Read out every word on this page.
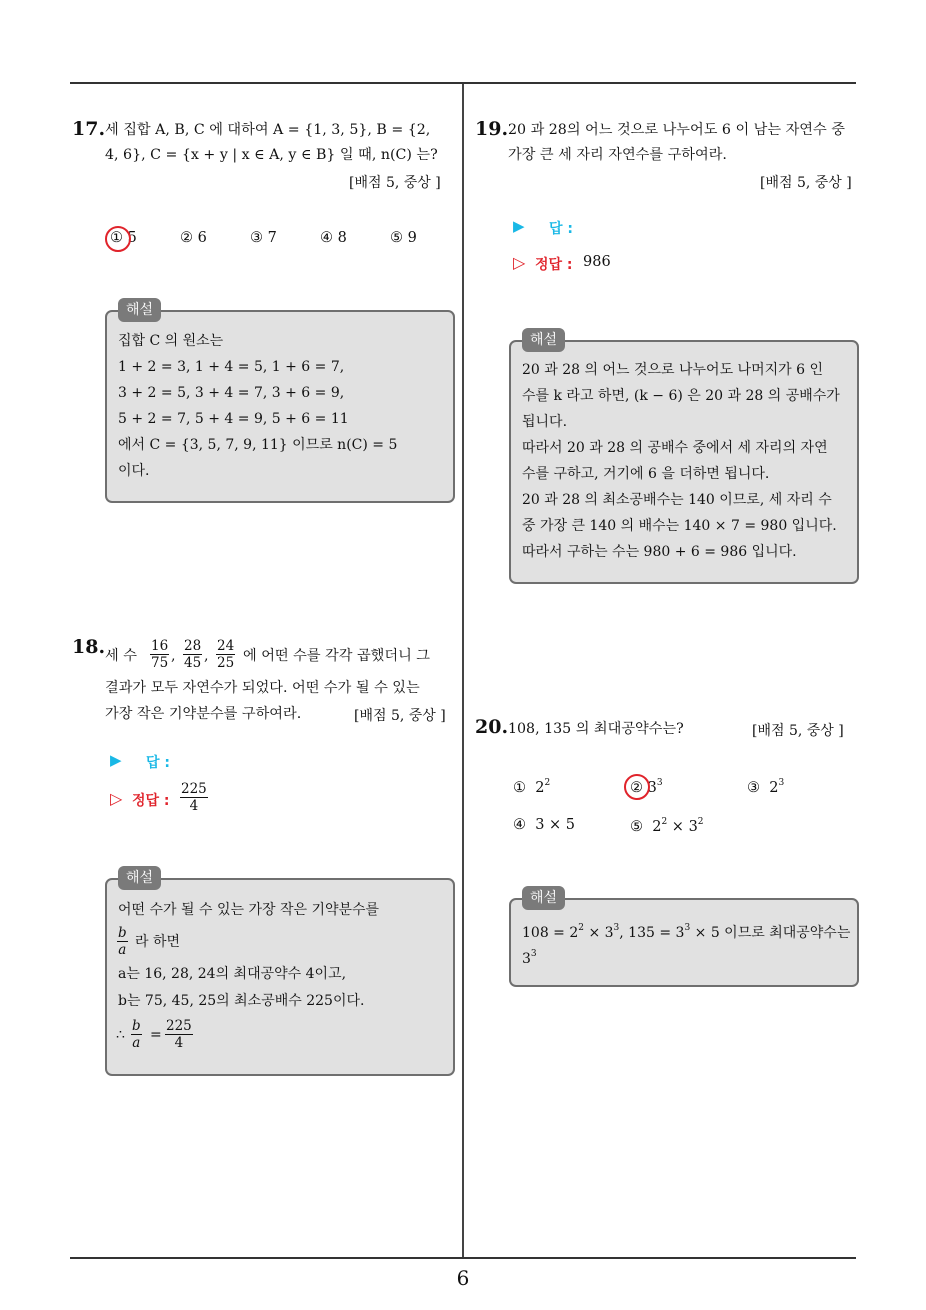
6
17. 세 집합 A, B, C 에 대하여 A = {1, 3, 5}, B = {2,
4, 6}, C = {x + y | x ∈ A, y ∈ B} 일 때, n(C) 는?
[배점 5, 중상 ]
① 5	② 6	③ 7	④ 8	⑤ 9
해설
집합 C 의 원소는
1 + 2 = 3, 1 + 4 = 5, 1 + 6 = 7,
3 + 2 = 5, 3 + 4 = 7, 3 + 6 = 9,
5 + 2 = 7, 5 + 4 = 9, 5 + 6 = 11
에서 C = {3, 5, 7, 9, 11} 이므로 n(C) = 5
이다.
18. 세 수 $\frac{16}{75}$ , $\frac{28}{45}$ , $\frac{24}{25}$ 에 어떤 수를 각각 곱했더니 그
결과가 모두 자연수가 되었다. 어떤 수가 될 수 있는
가장 작은 기약분수를 구하여라.	[배점 5, 중상 ]
▶ 답 :
▷ 정답 : $\frac{225}{4}$
해설
어떤 수가 될 수 있는 가장 작은 기약분수를
$\frac{b}{a}$ 라 하면
a는 16, 28, 24의 최대공약수 4이고,
b는 75, 45, 25의 최소공배수 225이다.
∴ $\frac{b}{a} = \frac{225}{4}$
19. 20 과 28의 어느 것으로 나누어도 6 이 남는 자연수 중
가장 큰 세 자리 자연수를 구하여라.
[배점 5, 중상 ]
▶ 답 :
▷ 정답 : 986
해설
20 과 28 의 어느 것으로 나누어도 나머지가 6 인
수를 k 라고 하면, (k − 6) 은 20 과 28 의 공배수가
됩니다.
따라서 20 과 28 의 공배수 중에서 세 자리의 자연
수를 구하고, 거기에 6 을 더하면 됩니다.
20 과 28 의 최소공배수는 140 이므로, 세 자리 수
중 가장 큰 140 의 배수는 140 × 7 = 980 입니다.
따라서 구하는 수는 980 + 6 = 986 입니다.
20. 108, 135 의 최대공약수는?	[배점 5, 중상 ]
① $2^2$	② $3^3$	③ $2^3$
④ 3 × 5	⑤ $2^2 \times 3^2$
해설
$108 = 2^2 \times 3^3$, $135 = 3^3 \times 5$ 이므로 최대공약수는
$3^3$
